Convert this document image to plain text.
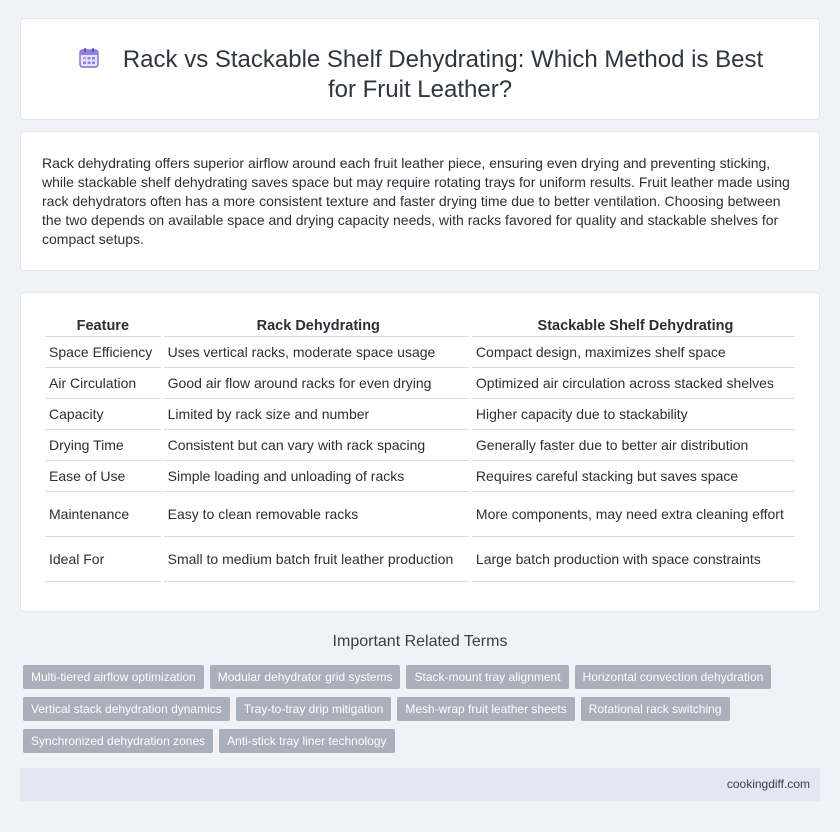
Rack vs Stackable Shelf Dehydrating: Which Method is Best for Fruit Leather?

Rack dehydrating offers superior airflow around each fruit leather piece, ensuring even drying and preventing sticking, while stackable shelf dehydrating saves space but may require rotating trays for uniform results. Fruit leather made using rack dehydrators often has a more consistent texture and faster drying time due to better ventilation. Choosing between the two depends on available space and drying capacity needs, with racks favored for quality and stackable shelves for compact setups.

Feature	Rack Dehydrating	Stackable Shelf Dehydrating
Space Efficiency	Uses vertical racks, moderate space usage	Compact design, maximizes shelf space
Air Circulation	Good air flow around racks for even drying	Optimized air circulation across stacked shelves
Capacity	Limited by rack size and number	Higher capacity due to stackability
Drying Time	Consistent but can vary with rack spacing	Generally faster due to better air distribution
Ease of Use	Simple loading and unloading of racks	Requires careful stacking but saves space
Maintenance	Easy to clean removable racks	More components, may need extra cleaning effort
Ideal For	Small to medium batch fruit leather production	Large batch production with space constraints
Important Related Terms
Multi-tiered airflow optimization	Modular dehydrator grid systems	Stack-mount tray alignment	Horizontal convection dehydration
Vertical stack dehydration dynamics	Tray-to-tray drip mitigation	Mesh-wrap fruit leather sheets	Rotational rack switching
Synchronized dehydration zones	Anti-stick tray liner technology
cookingdiff.com
